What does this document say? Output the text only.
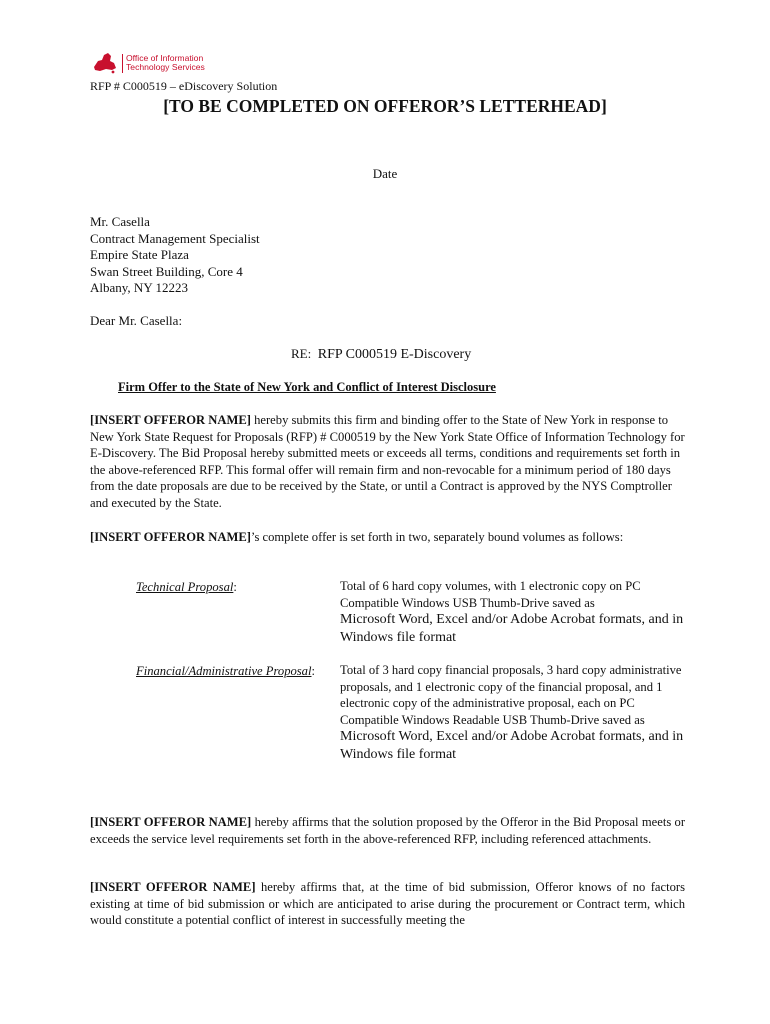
Office of Information
Technology Services
RFP # C000519 – eDiscovery Solution
[TO BE COMPLETED ON OFFEROR’S LETTERHEAD]
Date
Mr. Casella
Contract Management Specialist
Empire State Plaza
Swan Street Building, Core 4
Albany, NY 12223
Dear Mr. Casella:
RE: RFP C000519 E-Discovery
Firm Offer to the State of New York and Conflict of Interest Disclosure
[INSERT OFFEROR NAME] hereby submits this firm and binding offer to the State of New York in response to New York State Request for Proposals (RFP) # C000519 by the New York State Office of Information Technology for E-Discovery. The Bid Proposal hereby submitted meets or exceeds all terms, conditions and requirements set forth in the above-referenced RFP. This formal offer will remain firm and non-revocable for a minimum period of 180 days from the date proposals are due to be received by the State, or until a Contract is approved by the NYS Comptroller and executed by the State.
[INSERT OFFEROR NAME]’s complete offer is set forth in two, separately bound volumes as follows:
Technical Proposal:	Total of 6 hard copy volumes, with 1 electronic copy on PC Compatible Windows USB Thumb-Drive saved as
Microsoft Word, Excel and/or Adobe Acrobat formats, and in Windows file format
Financial/Administrative Proposal: Total of 3 hard copy financial proposals, 3 hard copy administrative proposals, and 1 electronic copy of the financial proposal, and 1 electronic copy of the administrative proposal, each on PC Compatible Windows Readable USB Thumb-Drive saved as
Microsoft Word, Excel and/or Adobe Acrobat formats, and in Windows file format
[INSERT OFFEROR NAME] hereby affirms that the solution proposed by the Offeror in the Bid Proposal meets or exceeds the service level requirements set forth in the above-referenced RFP, including referenced attachments.
[INSERT OFFEROR NAME] hereby affirms that, at the time of bid submission, Offeror knows of no factors existing at time of bid submission or which are anticipated to arise during the procurement or Contract term, which would constitute a potential conflict of interest in successfully meeting the
